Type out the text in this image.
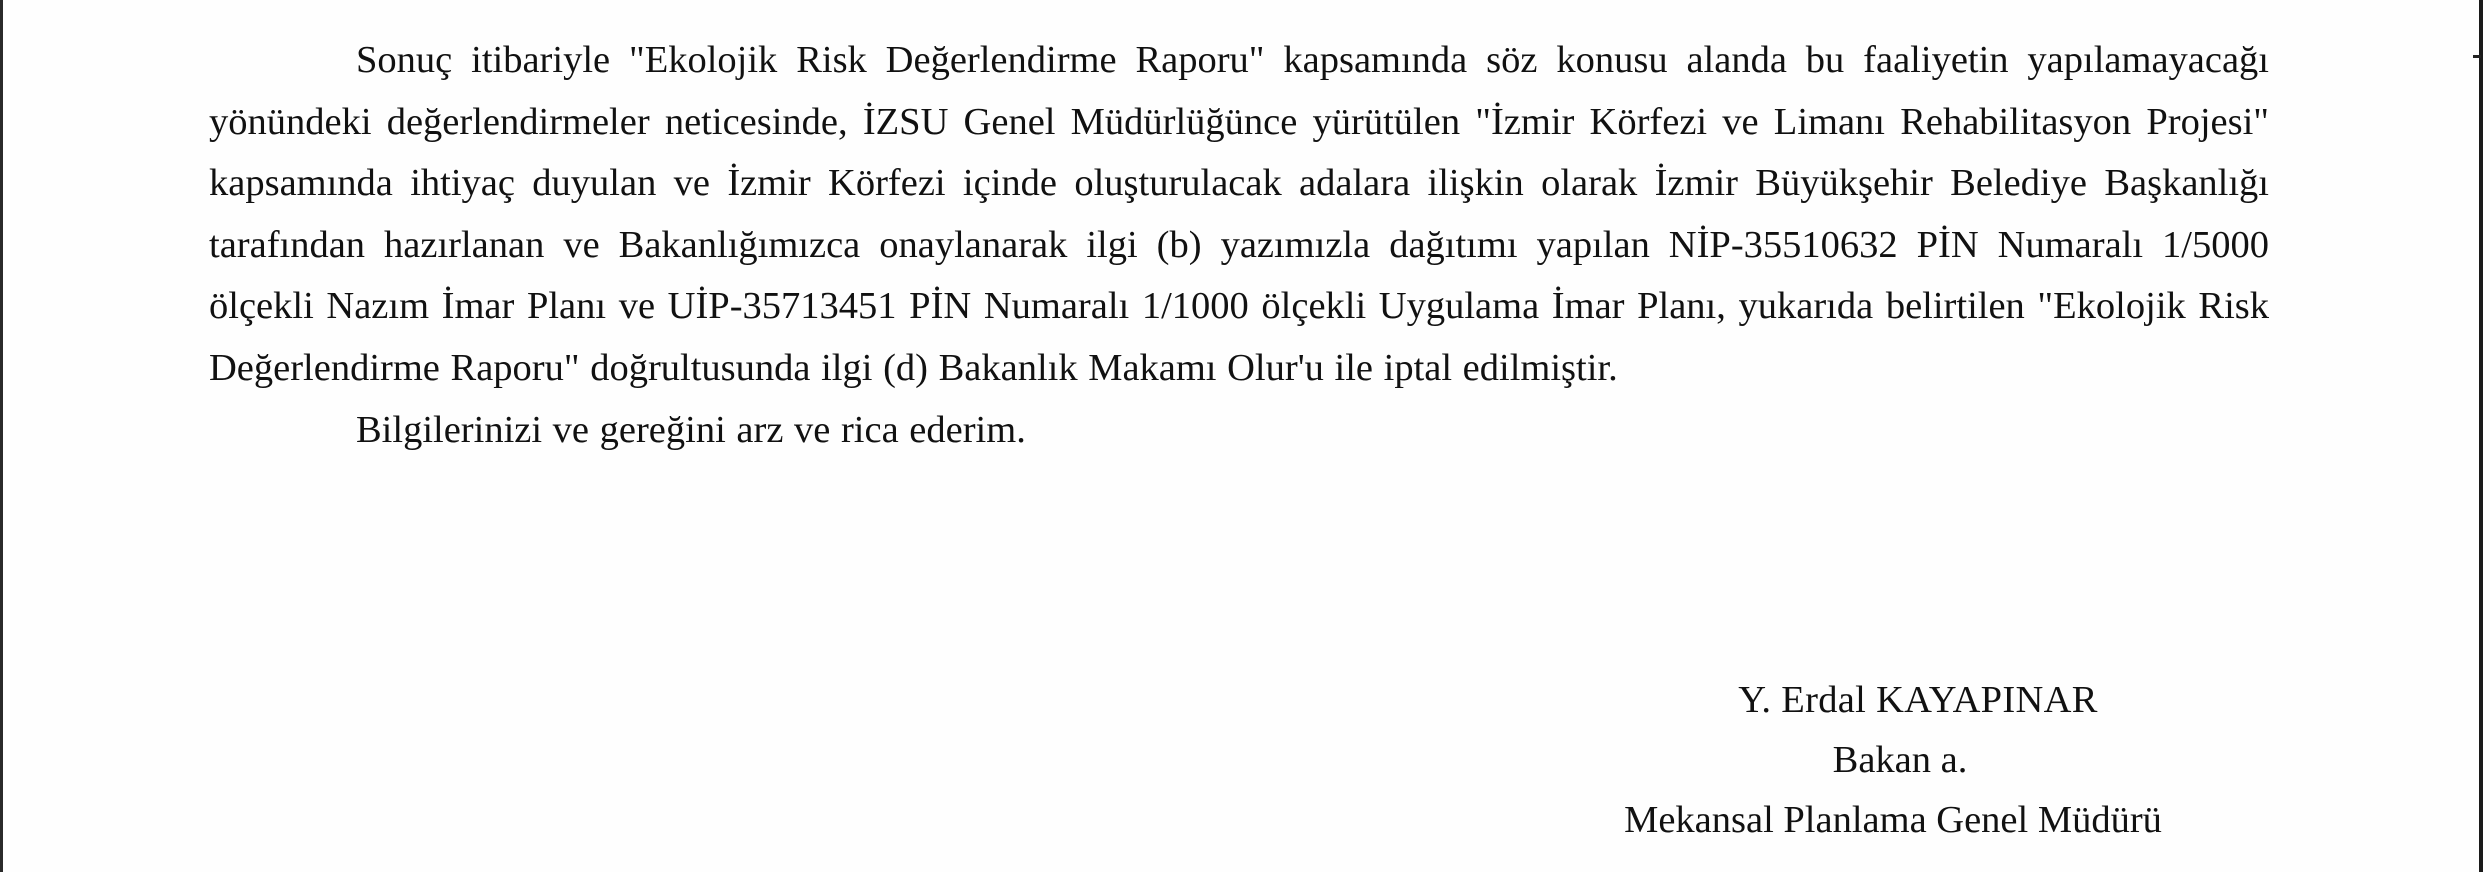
Sonuç itibariyle "Ekolojik Risk Değerlendirme Raporu" kapsamında söz konusu alanda bu faaliyetin yapılamayacağı yönündeki değerlendirmeler neticesinde, İZSU Genel Müdürlüğünce yürütülen "İzmir Körfezi ve Limanı Rehabilitasyon Projesi" kapsamında ihtiyaç duyulan ve İzmir Körfezi içinde oluşturulacak adalara ilişkin olarak İzmir Büyükşehir Belediye Başkanlığı tarafından hazırlanan ve Bakanlığımızca onaylanarak ilgi (b) yazımızla dağıtımı yapılan NİP-35510632 PİN Numaralı 1/5000 ölçekli Nazım İmar Planı ve UİP-35713451 PİN Numaralı 1/1000 ölçekli Uygulama İmar Planı, yukarıda belirtilen "Ekolojik Risk Değerlendirme Raporu" doğrultusunda ilgi (d) Bakanlık Makamı Olur'u ile iptal edilmiştir.

Bilgilerinizi ve gereğini arz ve rica ederim.

Y. Erdal KAYAPINAR
Bakan a.
Mekansal Planlama Genel Müdürü
